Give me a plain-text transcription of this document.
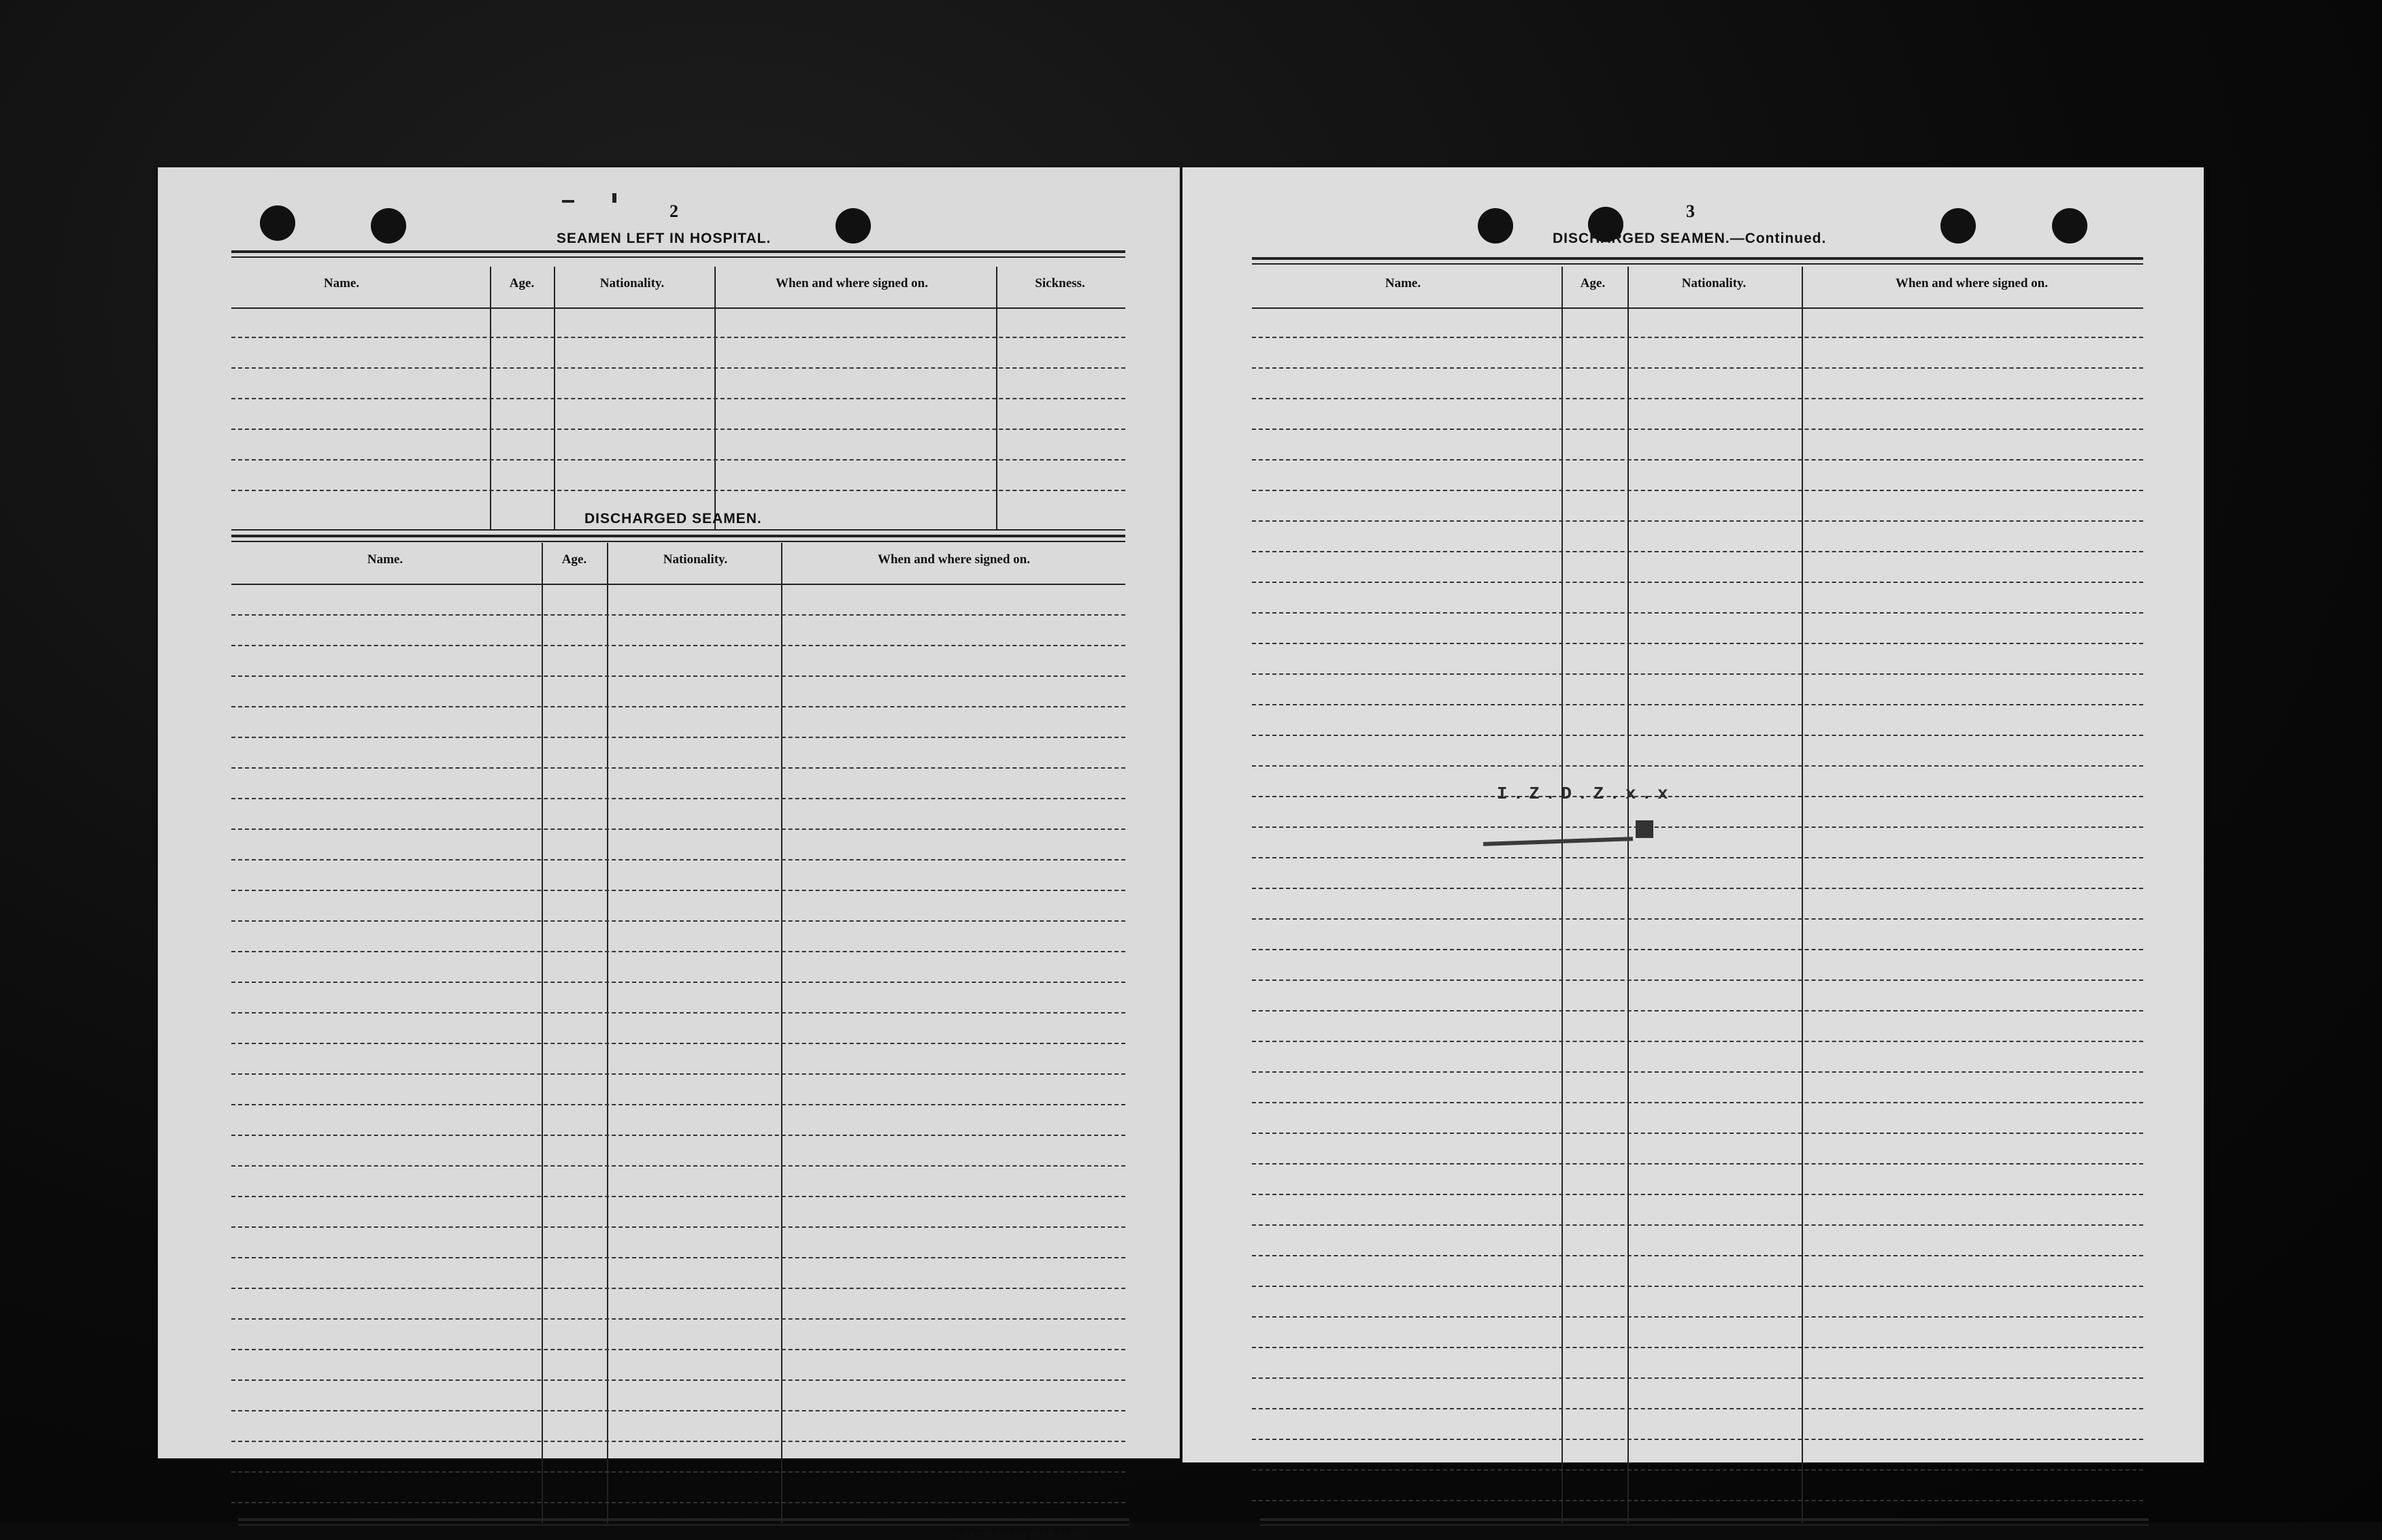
2
SEAMEN LEFT IN HOSPITAL.
Name.	Age.	Nationality.	When and where signed on.	Sickness.
DISCHARGED SEAMEN.
Name.	Age.	Nationality.	When and where signed on.
CONTINUED ON NEXT PAGE.
3
DISCHARGED SEAMEN.—Continued.
Name.	Age.	Nationality.	When and where signed on.
I.Z.D.Z.x.x
